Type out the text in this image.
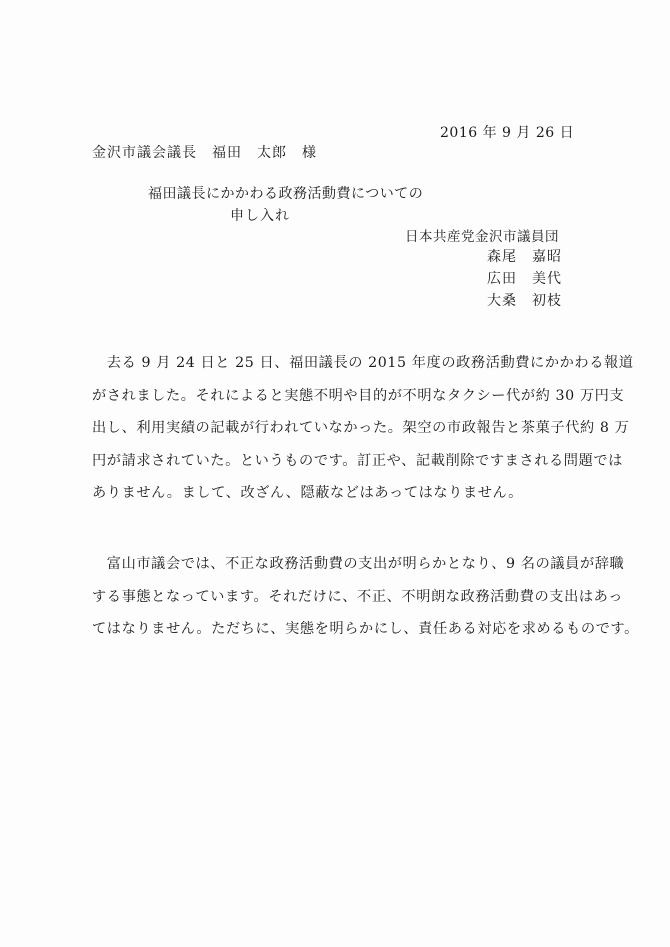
2016 年 9 月 26 日
金沢市議会議長　福田　太郎　様
福田議長にかかわる政務活動費についての
申し入れ
日本共産党金沢市議員団
森尾　嘉昭
広田　美代
大桑　初枝
　去る 9 月 24 日と 25 日、福田議長の 2015 年度の政務活動費にかかわる報道
がされました。それによると実態不明や目的が不明なタクシー代が約 30 万円支
出し、利用実績の記載が行われていなかった。架空の市政報告と茶菓子代約 8 万
円が請求されていた。というものです。訂正や、記載削除ですまされる問題では
ありません。まして、改ざん、隠蔽などはあってはなりません。
　富山市議会では、不正な政務活動費の支出が明らかとなり、9 名の議員が辞職
する事態となっています。それだけに、不正、不明朗な政務活動費の支出はあっ
てはなりません。ただちに、実態を明らかにし、責任ある対応を求めるものです。
